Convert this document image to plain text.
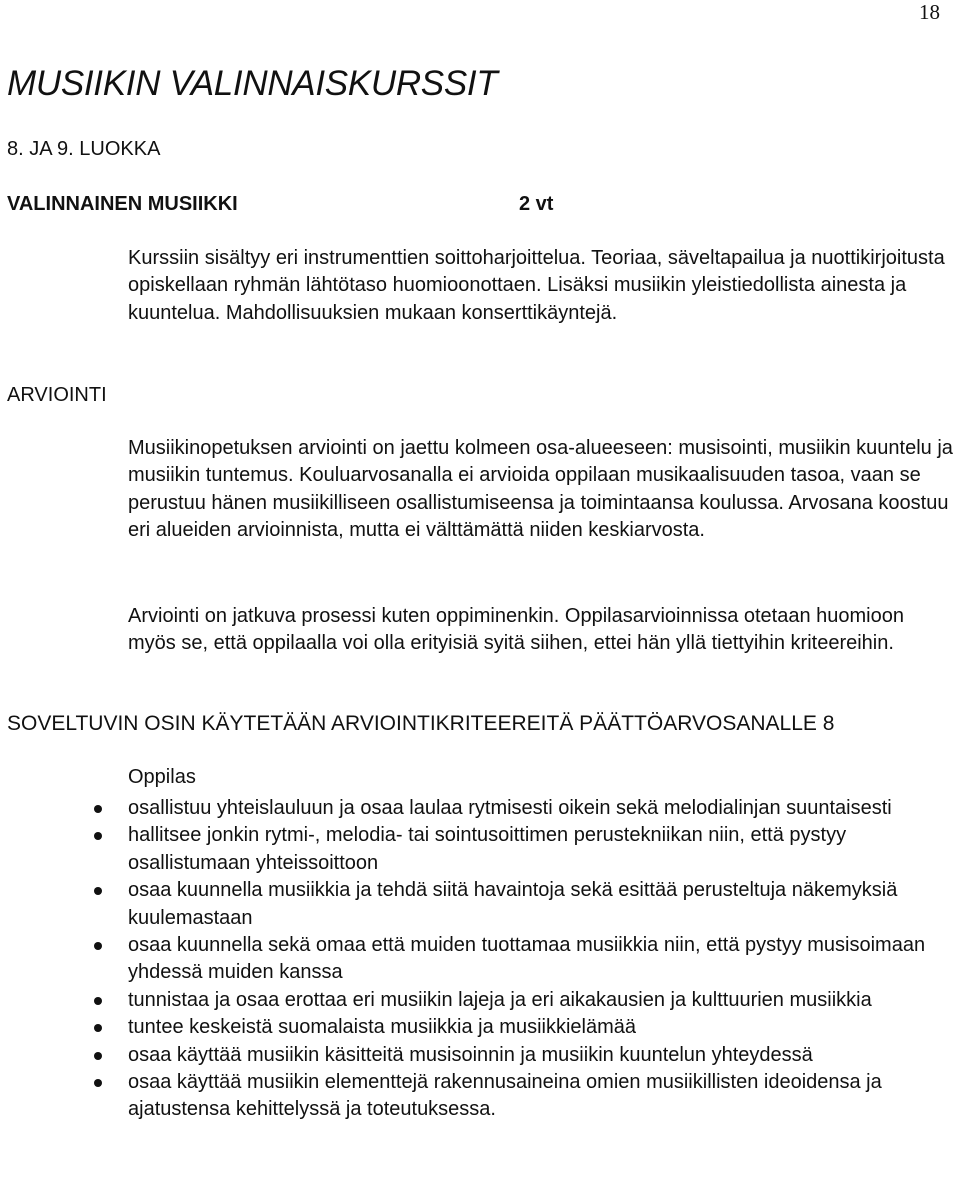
18
MUSIIKIN VALINNAISKURSSIT
8. JA 9. LUOKKA
VALINNAINEN MUSIIKKI	2 vt

Kurssiin sisältyy eri instrumenttien soittoharjoittelua. Teoriaa, säveltapailua ja nuottikirjoitusta opiskellaan ryhmän lähtötaso huomioonottaen. Lisäksi musiikin yleistiedollista ainesta ja kuuntelua. Mahdollisuuksien mukaan konserttikäyntejä.

ARVIOINTI

Musiikinopetuksen arviointi on jaettu kolmeen osa-alueeseen: musisointi, musiikin kuuntelu ja musiikin tuntemus. Kouluarvosanalla ei arvioida oppilaan musikaalisuuden tasoa, vaan se perustuu hänen musiikilliseen osallistumiseensa ja toimintaansa koulussa. Arvosana koostuu eri alueiden arvioinnista, mutta ei välttämättä niiden keskiarvosta.

Arviointi on jatkuva prosessi kuten oppiminenkin. Oppilasarvioinnissa otetaan huomioon myös se, että oppilaalla voi olla erityisiä syitä siihen, ettei hän yllä tiettyihin kriteereihin.

SOVELTUVIN OSIN KÄYTETÄÄN ARVIOINTIKRITEEREITÄ PÄÄTTÖARVOSANALLE 8
Oppilas
osallistuu yhteislauluun ja osaa laulaa rytmisesti oikein sekä melodialinjan suuntaisesti
hallitsee jonkin rytmi-, melodia- tai sointusoittimen perustekniikan niin, että pystyy osallistumaan yhteissoittoon
osaa kuunnella musiikkia ja tehdä siitä havaintoja sekä esittää perusteltuja näkemyksiä kuulemastaan
osaa kuunnella sekä omaa että muiden tuottamaa musiikkia niin, että pystyy musisoimaan yhdessä muiden kanssa
tunnistaa ja osaa erottaa eri musiikin lajeja ja eri aikakausien ja kulttuurien musiikkia
tuntee keskeistä suomalaista musiikkia ja musiikkielämää
osaa käyttää musiikin käsitteitä musisoinnin ja musiikin kuuntelun yhteydessä
osaa käyttää musiikin elementtejä rakennusaineina omien musiikillisten ideoidensa ja ajatustensa kehittelyssä ja toteutuksessa.
